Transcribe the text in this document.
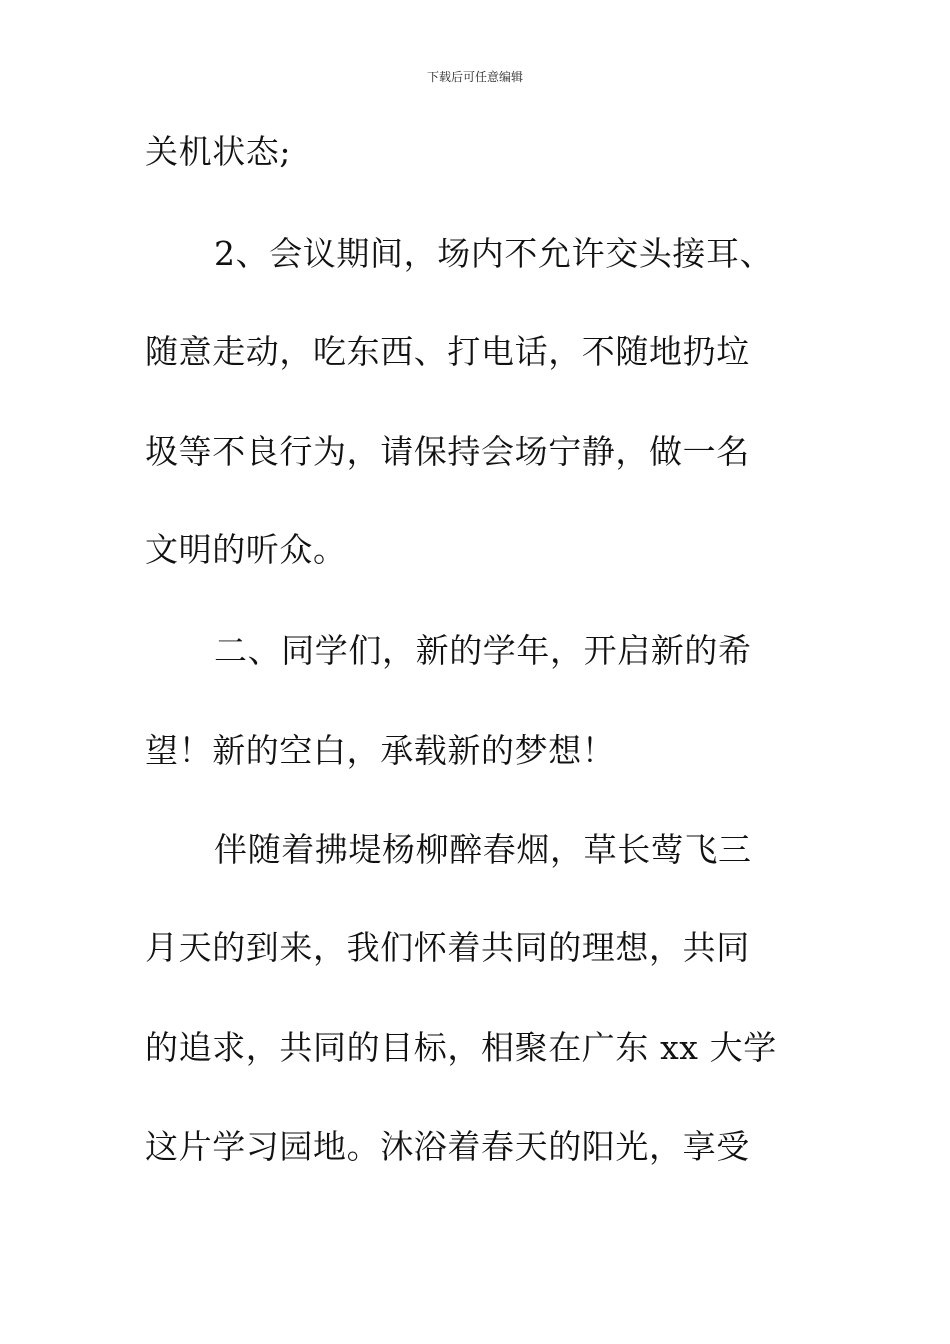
下载后可任意编辑
关机状态;
2、会议期间，场内不允许交头接耳、
随意走动，吃东西、打电话，不随地扔垃
圾等不良行为，请保持会场宁静，做一名
文明的听众。
二、同学们，新的学年，开启新的希
望！新的空白，承载新的梦想！
伴随着拂堤杨柳醉春烟，草长莺飞三
月天的到来，我们怀着共同的理想，共同
的追求，共同的目标，相聚在广东 xx 大学
这片学习园地。沐浴着春天的阳光，享受
